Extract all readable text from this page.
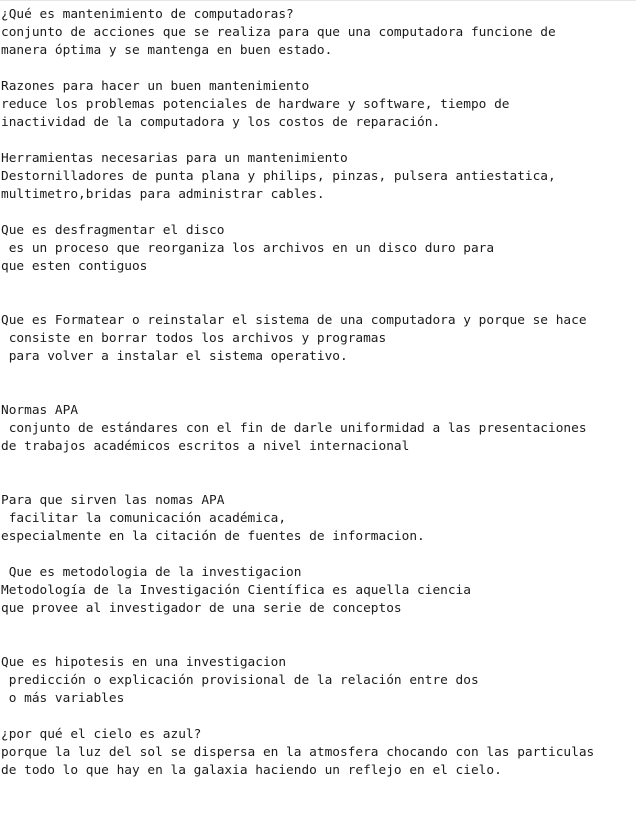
¿Qué es mantenimiento de computadoras?
conjunto de acciones que se realiza para que una computadora funcione de
manera óptima y se mantenga en buen estado.
Razones para hacer un buen mantenimiento
reduce los problemas potenciales de hardware y software, tiempo de
inactividad de la computadora y los costos de reparación.
Herramientas necesarias para un mantenimiento
Destornilladores de punta plana y philips, pinzas, pulsera antiestatica,
multimetro,bridas para administrar cables.
Que es desfragmentar el disco
es un proceso que reorganiza los archivos en un disco duro para
que esten contiguos
Que es Formatear o reinstalar el sistema de una computadora y porque se hace
consiste en borrar todos los archivos y programas
para volver a instalar el sistema operativo.
Normas APA
conjunto de estándares con el fin de darle uniformidad a las presentaciones
de trabajos académicos escritos a nivel internacional
Para que sirven las nomas APA
facilitar la comunicación académica,
especialmente en la citación de fuentes de informacion.
Que es metodologia de la investigacion
Metodología de la Investigación Científica es aquella ciencia
que provee al investigador de una serie de conceptos
Que es hipotesis en una investigacion
predicción o explicación provisional de la relación entre dos
o más variables
¿por qué el cielo es azul?
porque la luz del sol se dispersa en la atmosfera chocando con las particulas
de todo lo que hay en la galaxia haciendo un reflejo en el cielo.
